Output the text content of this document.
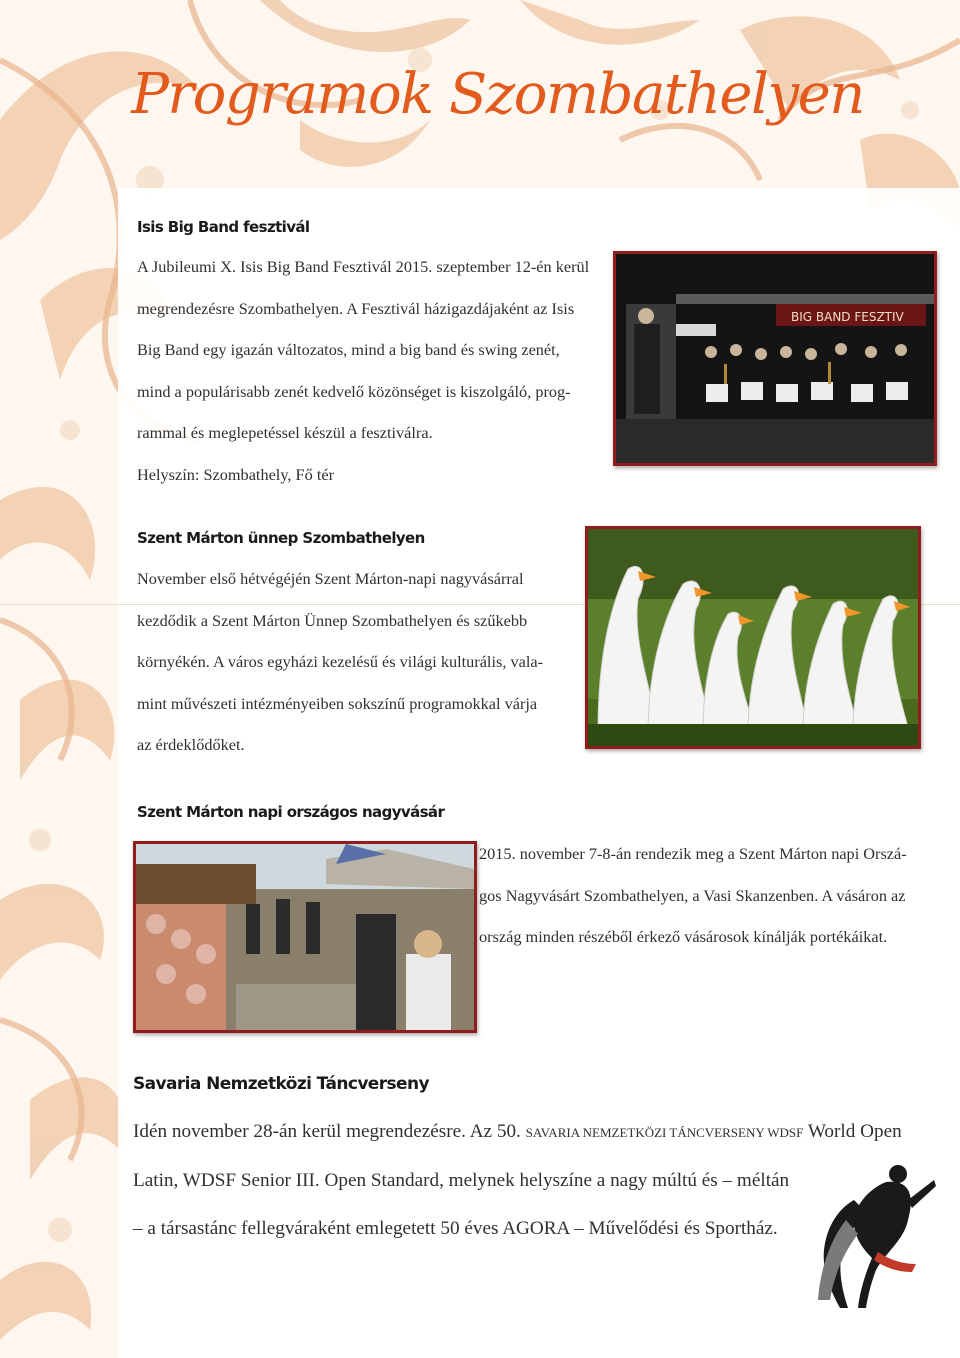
Programok Szombathelyen
Isis Big Band fesztivál
A Jubileumi X. Isis Big Band Fesztivál 2015. szeptember 12-én kerül
megrendezésre Szombathelyen. A Fesztivál házigazdájaként az Isis
Big Band egy igazán változatos, mind a big band és swing zenét,
mind a populárisabb zenét kedvelő közönséget is kiszolgáló, prog-
rammal és meglepetéssel készül a fesztiválra.
Helyszín: Szombathely, Fő tér
BIG BAND FESZTIV
Szent Márton ünnep Szombathelyen
November első hétvégéjén Szent Márton-napi nagyvásárral
kezdődik a Szent Márton Ünnep Szombathelyen és szűkebb
környékén. A város egyházi kezelésű és világi kulturális, vala-
mint művészeti intézményeiben sokszínű programokkal várja
az érdeklődőket.
Szent Márton napi országos nagyvásár
2015. november 7-8-án rendezik meg a Szent Márton napi Orszá-
gos Nagyvásárt Szombathelyen, a Vasi Skanzenben. A vásáron az
ország minden részéből érkező vásárosok kínálják portékáikat.
Savaria Nemzetközi Táncverseny
Idén november 28-án kerül megrendezésre. Az 50. SAVARIA NEMZETKÖZI TÁNCVERSENY WDSF World Open
Latin, WDSF Senior III. Open Standard, melynek helyszíne a nagy múltú és – méltán
– a társastánc fellegváraként emlegetett 50 éves AGORA – Művelődési és Sportház.
